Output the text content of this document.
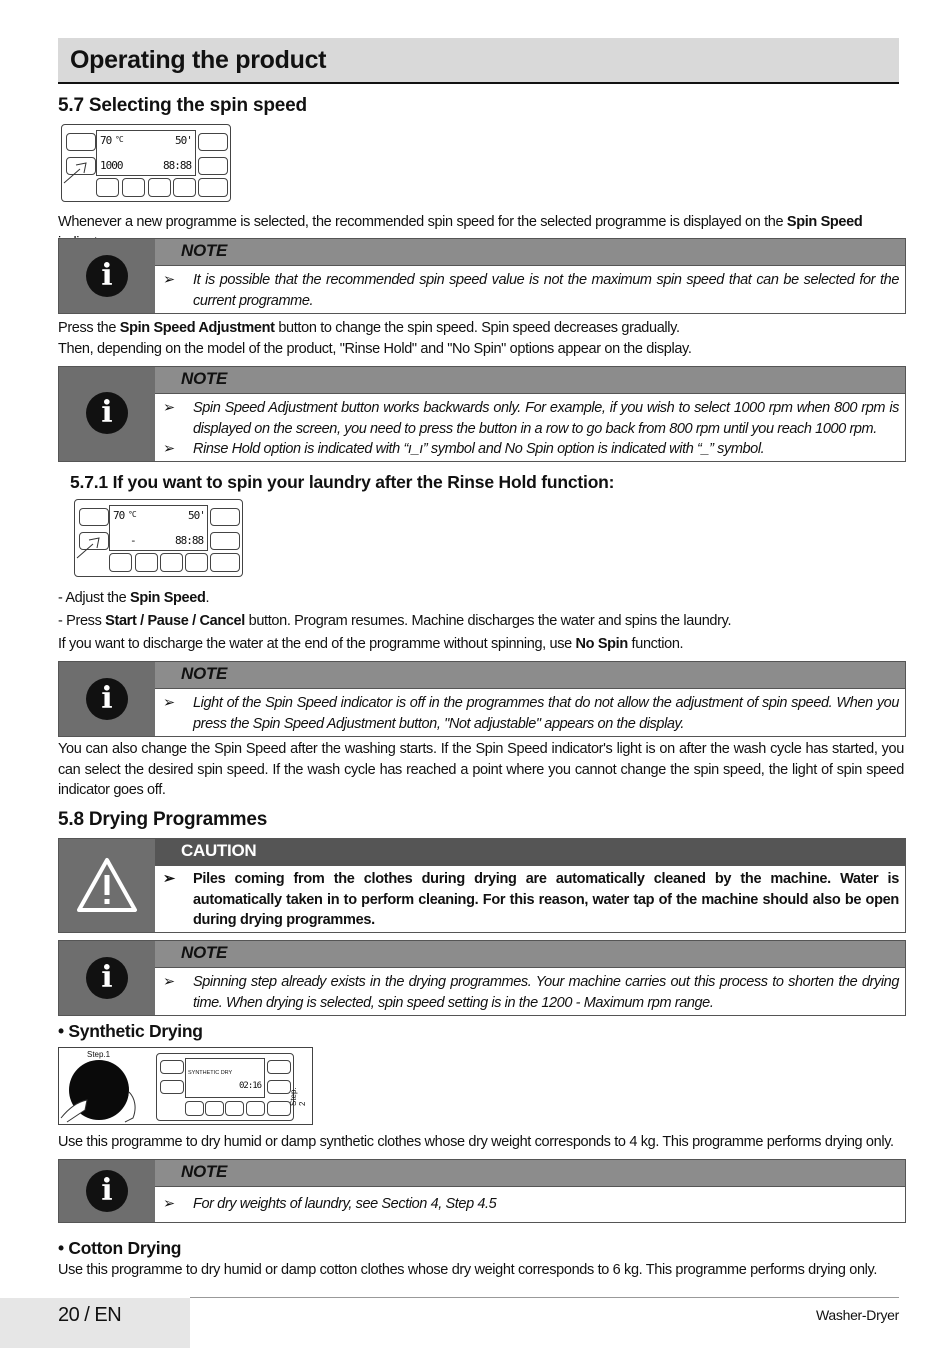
Operating the product
5.7 Selecting the spin speed
70 °C	50'
1000	88:88

Whenever a new programme is selected, the recommended spin speed for the selected programme is displayed on the Spin Speed

i
NOTE
➢ It is possible that the recommended spin speed value is not the maximum spin speed that can be selected for the current programme.

Press the Spin Speed Adjustment button to change the spin speed. Spin speed decreases gradually.

Then, depending on the model of the product, "Rinse Hold" and "No Spin" options appear on the display.

i
NOTE
➢ Spin Speed Adjustment button works backwards only. For example, if you wish to select 1000 rpm when 800 rpm is displayed on the screen, you need to press the button in a row to go back from 800 rpm until you reach 1000 rpm.
➢ Rinse Hold option is indicated with “ı_ı” symbol and No Spin option is indicated with “_” symbol.
5.7.1 If you want to spin your laundry after the Rinse Hold function:
70 °C	50'
-	88:88

- Adjust the Spin Speed.

- Press Start / Pause / Cancel button. Program resumes. Machine discharges the water and spins the laundry.

If you want to discharge the water at the end of the programme without spinning, use No Spin function.

i
NOTE
➢ Light of the Spin Speed indicator is off in the programmes that do not allow the adjustment of spin speed. When you press the Spin Speed Adjustment button, "Not adjustable" appears on the display.

You can also change the Spin Speed after the washing starts. If the Spin Speed indicator's light is on after the wash cycle has started, you can select the desired spin speed. If the wash cycle has reached a point where you cannot change the spin speed, the light of spin speed indicator goes off.

5.8 Drying Programmes
CAUTION
➢ Piles coming from the clothes during drying are automatically cleaned by the machine. Water is automatically taken in to perform cleaning. For this reason, water tap of the machine should also be open during drying programmes.
i
NOTE
➢ Spinning step already exists in the drying programmes. Your machine carries out this process to shorten the drying time. When drying is selected, spin speed setting is in the 1200 - Maximum rpm range.
• Synthetic Drying
Step.1
SYNTHETIC DRY
02:16
Step. 2

Use this programme to dry humid or damp synthetic clothes whose dry weight corresponds to 4 kg. This programme performs drying only.

i
NOTE
➢ For dry weights of laundry, see Section 4, Step 4.5
• Cotton Drying

Use this programme to dry humid or damp cotton clothes whose dry weight corresponds to 6 kg. This programme performs drying only.

20 / EN	Washer-Dryer
